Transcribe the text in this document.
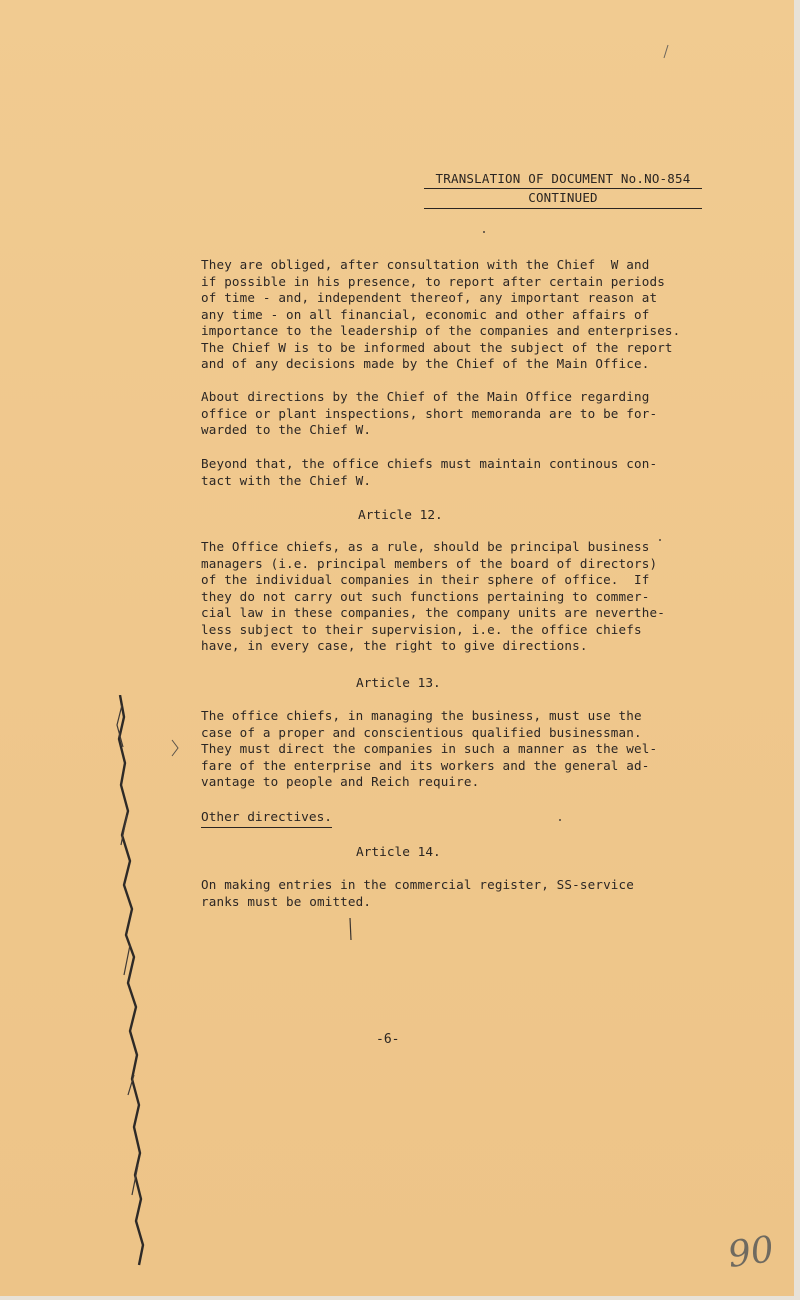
TRANSLATION OF DOCUMENT No.NO-854
CONTINUED

They are obliged, after consultation with the Chief  W and
if possible in his presence, to report after certain periods
of time - and, independent thereof, any important reason at
any time - on all financial, economic and other affairs of
importance to the leadership of the companies and enterprises.
The Chief W is to be informed about the subject of the report
and of any decisions made by the Chief of the Main Office.

About directions by the Chief of the Main Office regarding
office or plant inspections, short memoranda are to be for-
warded to the Chief W.

Beyond that, the office chiefs must maintain continous con-
tact with the Chief W.

Article 12.

The Office chiefs, as a rule, should be principal business
managers (i.e. principal members of the board of directors)
of the individual companies in their sphere of office.  If
they do not carry out such functions pertaining to commer-
cial law in these companies, the company units are neverthe-
less subject to their supervision, i.e. the office chiefs
have, in every case, the right to give directions.

Article 13.

The office chiefs, in managing the business, must use the
case of a proper and conscientious qualified businessman.
They must direct the companies in such a manner as the wel-
fare of the enterprise and its workers and the general ad-
vantage to people and Reich require.

Other directives.
Article 14.

On making entries in the commercial register, SS-service
ranks must be omitted.

-6-
90
